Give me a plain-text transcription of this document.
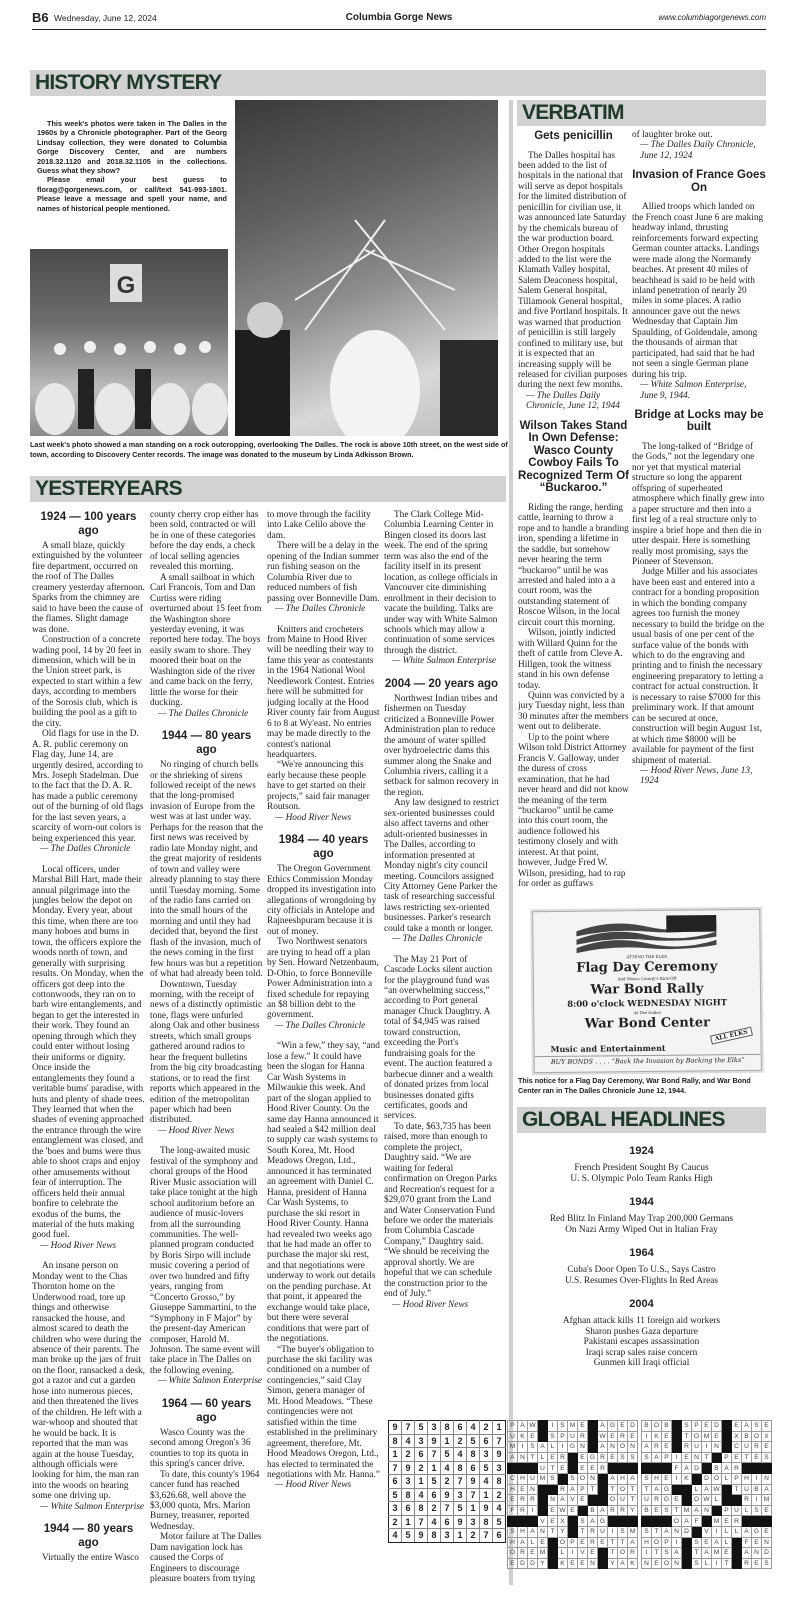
B6 Wednesday, June 12, 2024	Columbia Gorge News	www.columbiagorgenews.com
HISTORY MYSTERY

This week's photos were taken in The Dalles in the 1960s by a Chronicle photographer. Part of the Georg Lindsay collection, they were donated to Columbia Gorge Discovery Center, and are numbers 2018.32.1120 and 2018.32.1105 in the collections. Guess what they show?

Please email your best guess to florag@gorgenews.com, or call/text 541-993-1801. Please leave a message and spell your name, and names of historical people mentioned.

G
Last week's photo showed a man standing on a rock outcropping, overlooking The Dalles. The rock is above 10th street, on the west side of town, according to Discovery Center records. The image was donated to the museum by Linda Adkisson Brown.
YESTERYEARS
1924 — 100 years ago
A small blaze, quickly extinguished by the volunteer fire department, occurred on the roof of The Dalles creamery yesterday afternoon. Sparks from the chimney are said to have been the cause of the flames. Slight damage was done.
Construction of a concrete wading pool, 14 by 20 feet in dimension, which will be in the Union street park, is expected to start within a few days, according to members of the Sorosis club, which is building the pool as a gift to the city.
Old flags for use in the D. A. R. public ceremony on Flag day, June 14, are urgently desired, according to Mrs. Joseph Stadelman. Due to the fact that the D. A. R. has made a public ceremony out of the burning of old flags for the last seven years, a scarcity of worn-out colors is being experienced this year.
— The Dalles Chronicle
Local officers, under Marshal Bill Hart, made their annual pilgrimage into the jungles below the depot on Monday. Every year, about this time, when there are too many hoboes and bums in town, the officers explore the woods north of town, and generally with surprising results. On Monday, when the officers got deep into the cottonwoods, they ran on to barb wire entanglements, and began to get the interested in their work. They found an opening through which they could enter without losing their uniforms or dignity. Once inside the entanglements they found a veritable bums' paradise, with huts and plenty of shade trees. They learned that when the shades of evening approached the entrance through the wire entanglement was closed, and the 'boes and bums were thus able to shoot craps and enjoy other amusements without fear of interruption. The officers held their annual bonfire to celebrate the exodus of the bums, the material of the huts making good fuel.
— Hood River News
An insane person on Monday went to the Chas Thornton home on the Underwood road, tore up things and otherwise ransacked the house, and almost scared to death the children who were during the absence of their parents. The man broke up the jars of fruit on the floor, ransacked a desk, got a razor and cut a garden hose into numerous pieces, and then threatened the lives of the children. He left with a war-whoop and shouted that he would be back. It is reported that the man was again at the house Tuesday, although officials were looking for him, the man ran into the woods on hearing some one driving up.
— White Salmon Enterprise
1944 — 80 years ago
Virtually the entire Wasco
county cherry crop either has been sold, contracted or will be in one of these categories before the day ends, a check of local selling agencies revealed this morning.
A small sailboat in which Carl Francois, Tom and Dan Curtiss were riding overturned about 15 feet from the Washington shore yesterday evening, it was reported here today. The boys easily swam to shore. They moored their boat on the Washington side of the river and came back on the ferry, little the worse for their ducking.
— The Dalles Chronicle
1944 — 80 years ago
No ringing of church bells or the shrieking of sirens followed receipt of the news that the long-promised invasion of Europe from the west was at last under way. Perhaps for the reason that the first news was received by radio late Monday night, and the great majority of residents of town and valley were already planning to stay there until Tuesday morning. Some of the radio fans carried on into the small hours of the morning and until they had decided that, beyond the first flash of the invasion, much of the news coming in the first few hours was but a repetition of what had already been told.
Downtown, Tuesday morning, with the receipt of news of a distinctly optimistic tone, flags were unfurled along Oak and other business streets, which small groups gathered around radios to hear the frequent bulletins from the big city broadcasting stations, or to read the first reports which appeared in the edition of the metropolitan paper which had been distributed.
— Hood River News
The long-awaited music festival of the symphony and choral groups of the Hood River Music association will take place tonight at the high school auditorium before an audience of music-lovers from all the surrounding communities. The well-planned program conducted by Boris Sirpo will include music covering a period of over two hundred and fifty years, ranging from “Concerto Grosso,” by Giuseppe Sammartini, to the “Symphony in F Major” by the present-day American composer, Harold M. Johnson. The same event will take place in The Dalles on the following evening.
— White Salmon Enterprise
1964 — 60 years ago
Wasco County was the second among Oregon's 36 counties to top its quota in this spring's cancer drive.
To date, this county's 1964 cancer fund has reached $3,626.68, well above the $3,000 quota, Mrs. Marion Burney, treasurer, reported Wednesday.
Motor failure at The Dalles Dam navigation lock has caused the Corps of Engineers to discourage pleasure boaters from trying
to move through the facility into Lake Celilo above the dam.
There will be a delay in the opening of the Indian summer run fishing season on the Columbia River due to reduced numbers of fish passing over Bonneville Dam.
— The Dalles Chronicle
Knitters and crocheters from Maine to Hood River will be needling their way to fame this year as contestants in the 1964 National Wool Needlework Contest. Entries here will be submitted for judging locally at the Hood River county fair from August 6 to 8 at Wy'east. No entries may be made directly to the contest's national headquarters.
“We're announcing this early because these people have to get started on their projects,” said fair manager Routson.
— Hood River News
1984 — 40 years ago
The Oregon Government Ethics Commission Monday dropped its investigation into allegations of wrongdoing by city officials in Antelope and Rajneeshpuram because it is out of money.
Two Northwest senators are trying to head off a plan by Sen. Howard Netzenbaum, D-Ohio, to force Bonneville Power Administration into a fixed schedule for repaying an $8 billion debt to the government.
— The Dalles Chronicle
“Win a few,” they say, “and lose a few.” It could have been the slogan for Hanna Car Wash Systems in Milwaukie this week. And part of the slogan applied to Hood River County. On the same day Hanna announced it had sealed a $42 million deal to supply car wash systems to South Korea, Mt. Hood Meadows Oregon, Ltd., announced it has terminated an agreement with Daniel C. Hanna, president of Hanna Car Wash Systems, to purchase the ski resort in Hood River County. Hanna had revealed two weeks ago that he had made an offer to purchase the major ski rest, and that negotiations were underway to work out details on the pending purchase. At that point, it appeared the exchange would take place, but there were several conditions that were part of the negotiations.
“The buyer's obligation to purchase the ski facility was conditioned on a number of contingencies,” said Clay Simon, genera manager of Mt. Hood Meadows. “These contingencies were not satisfied within the time established in the preliminary agreement, therefore, Mt. Hood Meadows Oregon, Ltd., has elected to terminated the negotiations with Mr. Hanna.”
— Hood River News
The Clark College Mid-Columbia Learning Center in Bingen closed its doors last week. The end of the spring term was also the end of the facility itself in its present location, as college officials in Vancouver cite diminishing enrollment in their decision to vacate the building. Talks are under way with White Salmon schools which may allow a continuation of some services through the district.
— White Salmon Enterprise
2004 — 20 years ago
Northwest Indian tribes and fishermen on Tuesday criticized a Bonneville Power Administration plan to reduce the amount of water spilled over hydroelectric dams this summer along the Snake and Columbia rivers, calling it a setback for salmon recovery in the region.
Any law designed to restrict sex-oriented businesses could also affect taverns and other adult-oriented businesses in The Dalles, according to information presented at Monday night's city council meeting. Councilors assigned City Attorney Gene Parker the task of researching successful laws restricting sex-oriented businesses. Parker's research could take a month or longer.
— The Dalles Chronicle
The May 21 Port of Cascade Locks silent auction for the playground fund was “an overwhelming success,” according to Port general manager Chuck Daughtry. A total of $4,945 was raised toward construction, exceeding the Port's fundraising goals for the event. The auction featured a barbecue dinner and a wealth of donated prizes from local businesses donated gifts certificates, goods and services.
To date, $63,735 has been raised, more than enough to complete the project, Daughtry said. “We are waiting for federal confirmation on Oregon Parks and Recreation's request for a $29,070 grant from the Land and Water Conservation Fund before we order the materials from Columbia Cascade Company,” Daughtry said. “We should be receiving the approval shortly. We are hopeful that we can schedule the construction prior to the end of July.”
— Hood River News
VERBATIM
Gets penicillin
The Dalles hospital has been added to the list of hospitals in the national that will serve as depot hospitals for the limited distribution of penicillin for civilian use, it was announced late Saturday by the chemicals bureau of the war production board. Other Oregon hospitals added to the list were the Klamath Valley hospital, Salem Deaconess hospital, Salem General hospital, Tillamook General hospital, and five Portland hospitals. It was warned that production of penicillin is still largely confined to military use, but it is expected that an increasing supply will be released for civilian purposes during the next few months.
— The Dalles Daily Chronicle, June 12, 1944
Wilson Takes Stand In Own Defense: Wasco County Cowboy Fails To Recognized Term Of “Buckaroo.”
Riding the range, herding cattle, learning to throw a rope and to handle a branding iron, spending a lifetime in the saddle, but somehow never hearing the term “buckaroo” until he was arrested and haled into a a court room, was the outstanding statement of Roscoe Wilson, in the local circuit court this morning.
Wilson, jointly indicted with Willard Quinn for the theft of cattle from Cleve A. Hillgen, took the witness stand in his own defense today.
Quinn was convicted by a jury Tuesday night, less than 30 minutes after the members went out to deliberate.
Up to the point where Wilson told District Attorney Francis V. Galloway, under the duress of cross examination, that he had never heard and did not know the meaning of the term “buckaroo” until he came into this court room, the audience followed his testimony closely and with interest. At that point, however, Judge Fred W. Wilson, presiding, had to rap for order as guffaws
of laughter broke out.
— The Dalles Daily Chronicle, June 12, 1924
Invasion of France Goes On
Allied troops which landed on the French coast June 6 are making headway inland, thrusting reinforcements forward expecting German counter attacks. Landings were made along the Normandy beaches. At present 40 miles of beachhead is said to be held with inland penetration of nearly 20 miles in some places. A radio announcer gave out the news Wednesday that Captain Jim Spaulding, of Goldendale, among the thousands of airman that participated, had said that he had not seen a single German plane during his trip.
— White Salmon Enterprise, June 9, 1944.
Bridge at Locks may be built
The long-talked of “Bridge of the Gods,” not the legendary one nor yet that mystical material structure so long the apparent offspring of superheated atmosphere which finally grew into a paper structure and then into a first leg of a real structure only to inspire a brief hope and then die in utter despair. Here is something really most promising, says the Pioneer of Stevenson.
Judge Miller and his associates have been east and entered into a contract for a bonding proposition in which the bonding company agrees too furnish the money necessary to build the bridge on the usual basis of one per cent of the surface value of the bonds with which to do the engraving and printing and to finish the necessary engineering preparatory to letting a contract for actual construction. It is necessary to raise $7000 for this preliminary work. If that amount can be secured at once, construction will begin August 1st, at which time $8000 will be available for payment of the first shipment of material.
— Hood River News, June 13, 1924
ATTEND THE ELKS
Flag Day Ceremony
And Wasco County's Kick-Off
War Bond Rally
8:00 o'clock WEDNESDAY NIGHT
At The Dalles
War Bond Center
ALL ELKS
Music and Entertainment
BUY BONDS . . . . “Back the Invasion by Backing the Elks”
This notice for a Flag Day Ceremony, War Bond Rally, and War Bond Center ran in The Dalles Chronicle June 12, 1944.
GLOBAL HEADLINES
1924
French President Sought By Caucus
U. S. Olympic Polo Team Ranks High
1944
Red Blitz In Finland May Trap 200,000 Germans
On Nazi Army Wiped Out in Italian Fray
1964
Cuba's Door Open To U.S., Says Castro
U.S. Resumes Over-Flights In Red Areas
2004
Afghan attack kills 11 foreign aid workers
Sharon pushes Gaza departure
Pakistani escapes assassination
Iraqi scrap sales raise concern
Gunmen kill Iraqi official
9	7	5	3	8	6	4	2	1
8	4	3	9	1	2	5	6	7
1	2	6	7	5	4	8	3	9
7	9	2	1	4	8	6	5	3
6	3	1	5	2	7	9	4	8
5	8	4	6	9	3	7	1	2
3	6	8	2	7	5	1	9	4
2	1	7	4	6	9	3	8	5
4	5	9	8	3	1	2	7	6
P	A	W		I	S	M	E		A	G	E	D
U	K	E		S	P	U	R		W	E	R	E
M	I	S	A	L	I	G	N		A	N	O	N
A	N	T	L	E	R		E	G	R	E	S	S
			U	T	E		E	E	R			
C	H	U	M	S		S	O	N		A	H	A
H	E	N			R	A	P	T		T	O	T
E	R	R		N	A	V	E			O	U	T
F	R	I		E	W	E		B	A	R	R	Y
			V	E	X		S	A	G			
S	H	A	N	T	Y		T	R	U	I	S	M
H	A	L	E		O	P	E	R	E	T	T	A
O	R	E	M		L	I	V	E		T	O	R
E	D	D	Y		K	E	E	N		Y	A	K
B	O	B		S	P	E	D		E	A	S	E
I	K	E		T	O	M	E		X	B	O	X
A	R	E		R	U	I	N		C	U	R	E
S	A	P	I	E	N	T		P	E	T	E	S
			F	A	D		B	A	R			
S	H	E	I	K		D	O	L	P	H	I	N
T	A	G			L	A	W		T	U	B	A
U	R	G	E		O	W	L			R	I	M
B	E	S	T	M	A	N		P	U	L	S	E
			O	A	F		M	E	R			
S	T	A	N	D		V	I	L	L	A	G	E
H	O	P	I		S	E	A	L		F	E	N
I	T	S	A		T	A	M	E		A	N	D
N	E	O	N		S	L	I	T		R	E	S
